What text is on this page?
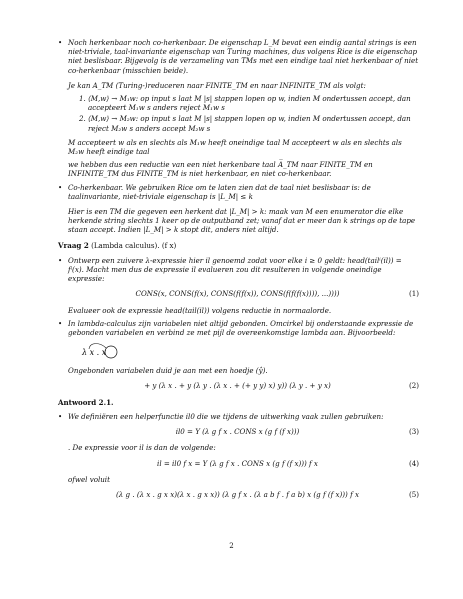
• Noch herkenbaar noch co-herkenbaar. De eigenschap L_M bevat een eindig aantal strings is een niet-triviale, taal-invariante eigenschap van Turing machines, dus volgens Rice is die eigenschap niet beslisbaar. Bijgevolg is de verzameling van TMs met een eindige taal niet herkenbaar of niet co-herkenbaar (misschien beide).

Je kan A_TM (Turing-)reduceren naar FINITE_TM en naar INFINITE_TM als volgt:
1. ⟨M,w⟩ → M₁w: op input s laat M |s| stappen lopen op w, indien M ondertussen accept, dan accepteert M₁w s anders reject M₁w s
2. ⟨M,w⟩ → M₂w: op input s laat M |s| stappen lopen op w, indien M ondertussen accept, dan reject M₂w s anders accept M₂w s
M accepteert w als en slechts als M₁w heeft oneindige taal M accepteert w als en slechts als M₂w heeft eindige taal
we hebben dus een reductie van een niet herkenbare taal A̅_TM naar FINITE_TM en INFINITE_TM dus FINITE_TM is niet herkenbaar, en niet co-herkenbaar.

• Co-herkenbaar. We gebruiken Rice om te laten zien dat de taal niet beslisbaar is: de taalinvariante, niet-triviale eigenschap is |L_M| ≤ k

Hier is een TM die gegeven een herkent dat |L_M| > k: maak van M een enumerator die elke herkende string slechts 1 keer op de outputband zet; vanaf dat er meer dan k strings op de tape staan accept. Indien |L_M| > k stopt dit, anders niet altijd.
Vraag 2 (Lambda calculus). (f x)

• Ontwerp een zuivere λ-expressie hier il genoemd zodat voor elke i ≥ 0 geldt: head(tailⁱ(il)) = fⁱ(x). Macht men dus de expressie il evalueren zou dit resulteren in volgende oneindige expressie:

CONS(x, CONS(f(x), CONS(f(f(x)), CONS(f(f(f(x)))), ...))))	(1)
Evalueer ook de expressie head(tail(il)) volgens reductie in normaalorde.

• In lambda-calculus zijn variabelen niet altijd gebonden. Omcirkel bij onderstaande expressie de gebonden variabelen en verbind ze met pijl de overeenkomstige lambda aan. Bijvoorbeeld:

λ x . x
Ongebonden variabelen duid je aan met een hoedje (ŷ).
+ y (λ x . + y (λ y . (λ x . + (+ y y) x) y)) (λ y . + y x)	(2)
Antwoord 2.1.

• We definiëren een helperfunctie il0 die we tijdens de uitwerking vaak zullen gebruiken:

il0 = Y (λ g f x . CONS x (g f (f x)))	(3)
. De expressie voor il is dan de volgende:
il = il0 f x = Y (λ g f x . CONS x (g f (f x))) f x	(4)
ofwel voluit
(λ g . (λ x . g x x)(λ x . g x x)) (λ g f x . (λ a b f . f a b) x (g f (f x))) f x	(5)
2
